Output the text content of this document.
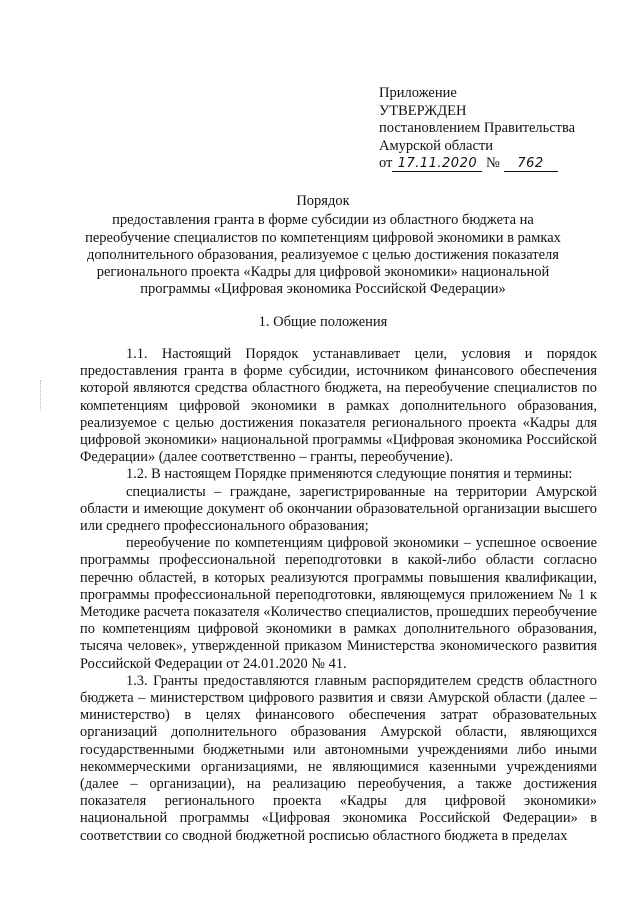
Приложение
УТВЕРЖДЕН
постановлением Правительства
Амурской области
от 17.11.2020 № 762
Порядок
предоставления гранта в форме субсидии из областного бюджета на
переобучение специалистов по компетенциям цифровой экономики в рамках
дополнительного образования, реализуемое с целью достижения показателя
регионального проекта «Кадры для цифровой экономики» национальной
программы «Цифровая экономика Российской Федерации»
1. Общие положения

1.1. Настоящий Порядок устанавливает цели, условия и порядок предоставления гранта в форме субсидии, источником финансового обеспечения которой являются средства областного бюджета, на переобучение специалистов по компетенциям цифровой экономики в рамках дополнительного образования, реализуемое с целью достижения показателя регионального проекта «Кадры для цифровой экономики» национальной программы «Цифровая экономика Российской Федерации» (далее соответственно – гранты, переобучение).

1.2. В настоящем Порядке применяются следующие понятия и термины:

специалисты – граждане, зарегистрированные на территории Амурской области и имеющие документ об окончании образовательной организации высшего или среднего профессионального образования;

переобучение по компетенциям цифровой экономики – успешное освоение программы профессиональной переподготовки в какой-либо области согласно перечню областей, в которых реализуются программы повышения квалификации, программы профессиональной переподготовки, являющемуся приложением № 1 к Методике расчета показателя «Количество специалистов, прошедших переобучение по компетенциям цифровой экономики в рамках дополнительного образования, тысяча человек», утвержденной приказом Министерства экономического развития Российской Федерации от 24.01.2020 № 41.

1.3. Гранты предоставляются главным распорядителем средств областного бюджета – министерством цифрового развития и связи Амурской области (далее – министерство) в целях финансового обеспечения затрат образовательных организаций дополнительного образования Амурской области, являющихся государственными бюджетными или автономными учреждениями либо иными некоммерческими организациями, не являющимися казенными учреждениями (далее – организации), на реализацию переобучения, а также достижения показателя регионального проекта «Кадры для цифровой экономики» национальной программы «Цифровая экономика Российской Федерации» в соответствии со сводной бюджетной росписью областного бюджета в пределах
